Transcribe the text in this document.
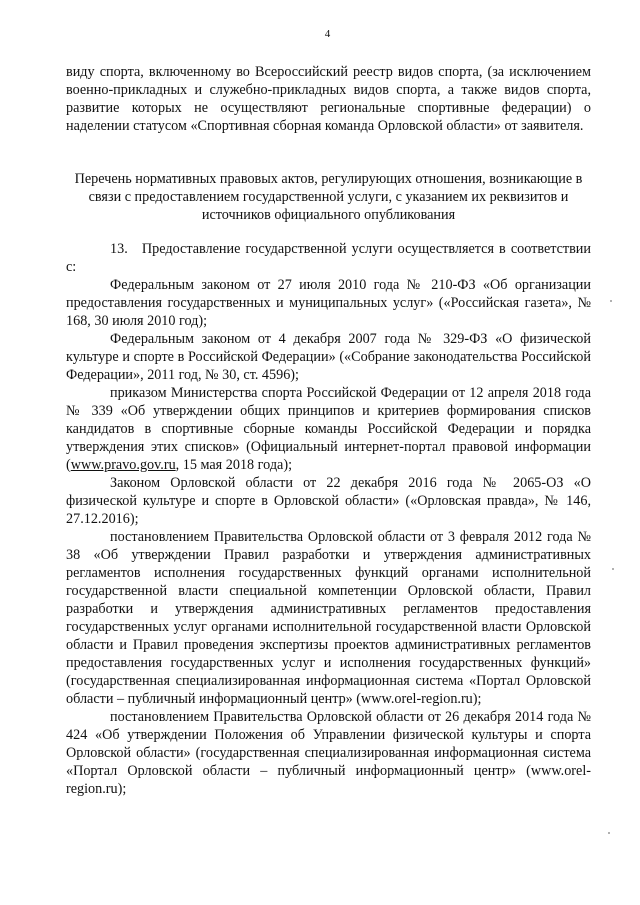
4

виду спорта, включенному во Всероссийский реестр видов спорта, (за исключением военно-прикладных и служебно-прикладных видов спорта, а также видов спорта, развитие которых не осуществляют региональные спортивные федерации) о наделении статусом «Спортивная сборная команда Орловской области» от заявителя.

Перечень нормативных правовых актов, регулирующих отношения, возникающие в связи с предоставлением государственной услуги, с указанием их реквизитов и источников официального опубликования

13. Предоставление государственной услуги осуществляется в соответствии с:

Федеральным законом от 27 июля 2010 года № 210-ФЗ «Об организации предоставления государственных и муниципальных услуг» («Российская газета», № 168, 30 июля 2010 год);

Федеральным законом от 4 декабря 2007 года № 329-ФЗ «О физической культуре и спорте в Российской Федерации» («Собрание законодательства Российской Федерации», 2011 год, № 30, ст. 4596);

приказом Министерства спорта Российской Федерации от 12 апреля 2018 года № 339 «Об утверждении общих принципов и критериев формирования списков кандидатов в спортивные сборные команды Российской Федерации и порядка утверждения этих списков» (Официальный интернет-портал правовой информации (www.pravo.gov.ru, 15 мая 2018 года);

Законом Орловской области от 22 декабря 2016 года № 2065-ОЗ «О физической культуре и спорте в Орловской области» («Орловская правда», № 146, 27.12.2016);

постановлением Правительства Орловской области от 3 февраля 2012 года № 38 «Об утверждении Правил разработки и утверждения административных регламентов исполнения государственных функций органами исполнительной государственной власти специальной компетенции Орловской области, Правил разработки и утверждения административных регламентов предоставления государственных услуг органами исполнительной государственной власти Орловской области и Правил проведения экспертизы проектов административных регламентов предоставления государственных услуг и исполнения государственных функций» (государственная специализированная информационная система «Портал Орловской области – публичный информационный центр» (www.orel-region.ru);

постановлением Правительства Орловской области от 26 декабря 2014 года № 424 «Об утверждении Положения об Управлении физической культуры и спорта Орловской области» (государственная специализированная информационная система «Портал Орловской области – публичный информационный центр» (www.orel-region.ru);
